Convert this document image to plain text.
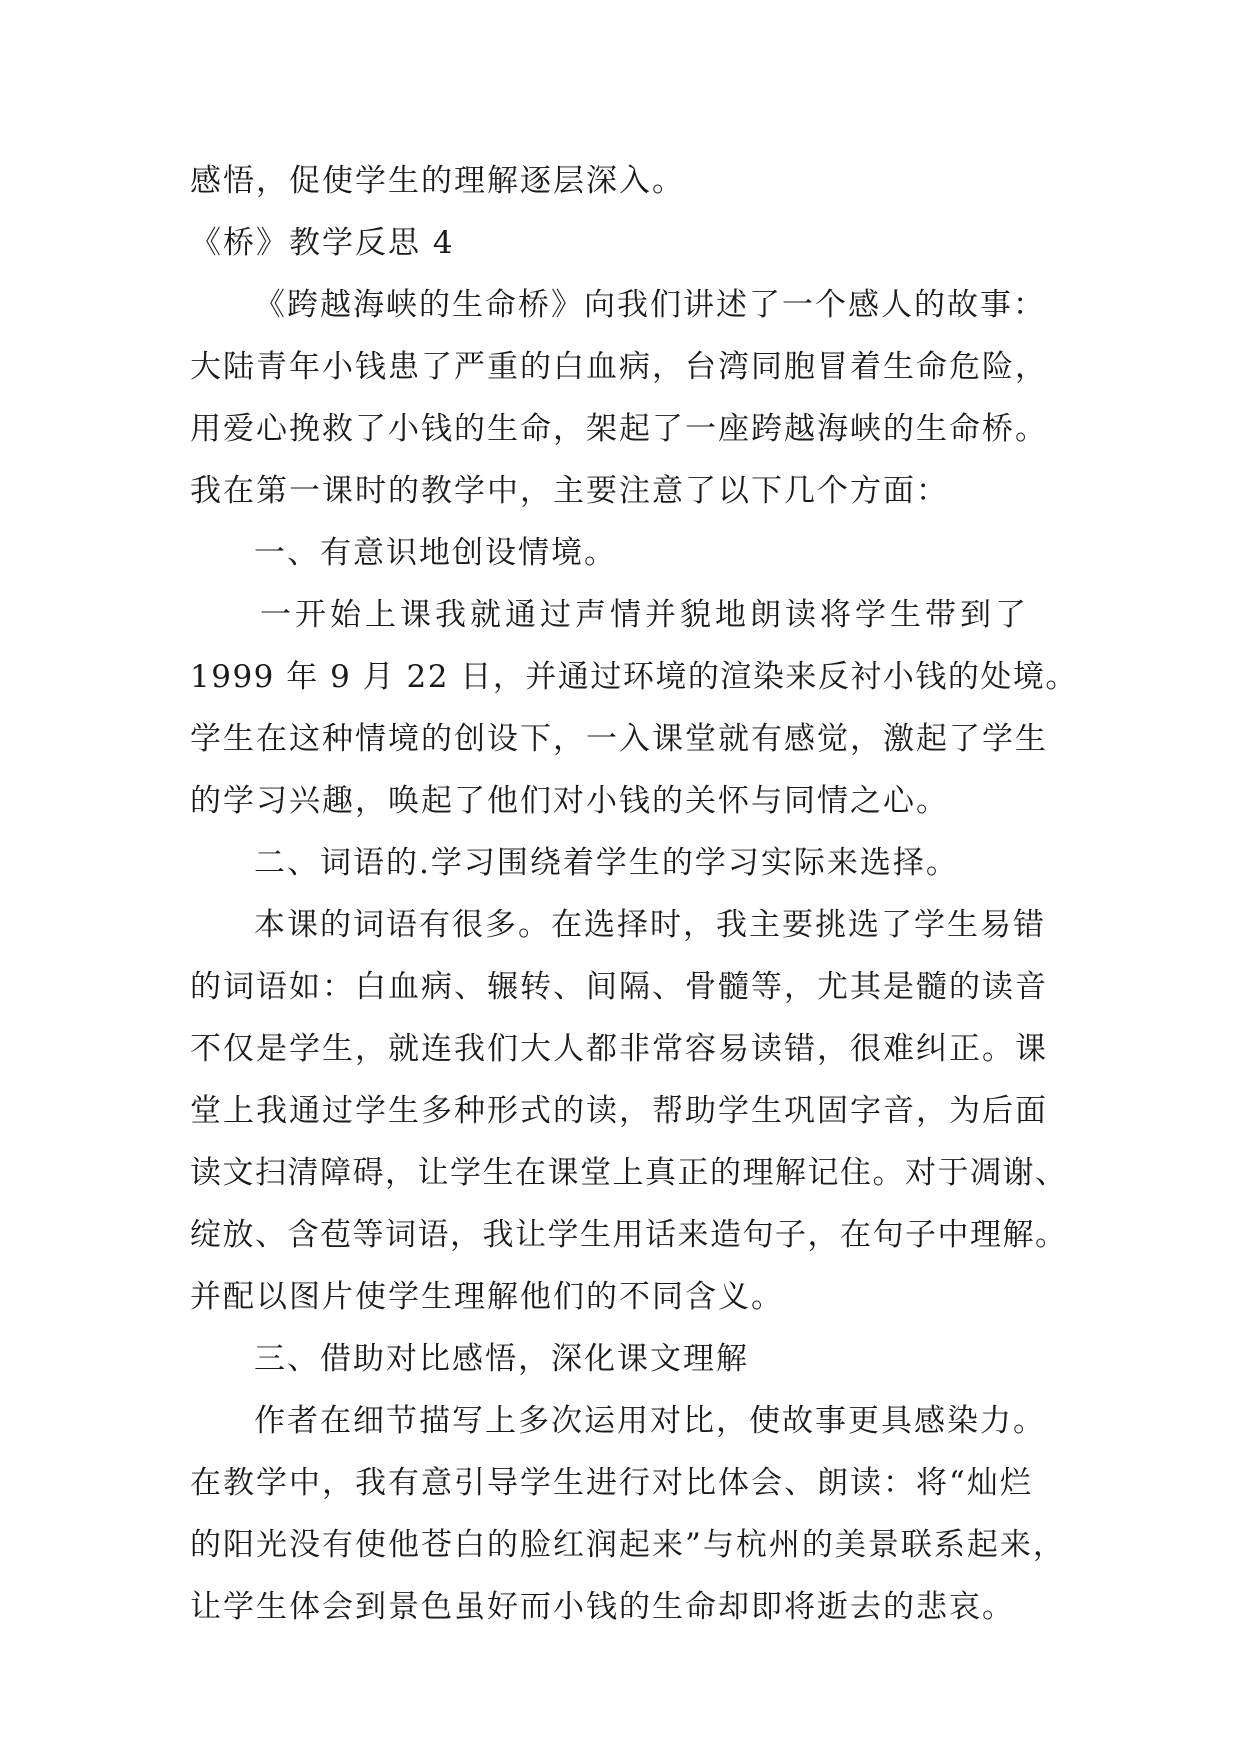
感悟，促使学生的理解逐层深入。
《桥》教学反思 4
《跨越海峡的生命桥》向我们讲述了一个感人的故事：
大陆青年小钱患了严重的白血病，台湾同胞冒着生命危险，
用爱心挽救了小钱的生命，架起了一座跨越海峡的生命桥。
我在第一课时的教学中，主要注意了以下几个方面：
一、有意识地创设情境。
一开始上课我就通过声情并貌地朗读将学生带到了
1999 年 9 月 22 日，并通过环境的渲染来反衬小钱的处境。
学生在这种情境的创设下，一入课堂就有感觉，激起了学生
的学习兴趣，唤起了他们对小钱的关怀与同情之心。
二、词语的.学习围绕着学生的学习实际来选择。
本课的词语有很多。在选择时，我主要挑选了学生易错
的词语如：白血病、辗转、间隔、骨髓等，尤其是髓的读音
不仅是学生，就连我们大人都非常容易读错，很难纠正。课
堂上我通过学生多种形式的读，帮助学生巩固字音，为后面
读文扫清障碍，让学生在课堂上真正的理解记住。对于凋谢、
绽放、含苞等词语，我让学生用话来造句子，在句子中理解。
并配以图片使学生理解他们的不同含义。
三、借助对比感悟，深化课文理解
作者在细节描写上多次运用对比，使故事更具感染力。
在教学中，我有意引导学生进行对比体会、朗读：将“灿烂
的阳光没有使他苍白的脸红润起来”与杭州的美景联系起来，
让学生体会到景色虽好而小钱的生命却即将逝去的悲哀。
